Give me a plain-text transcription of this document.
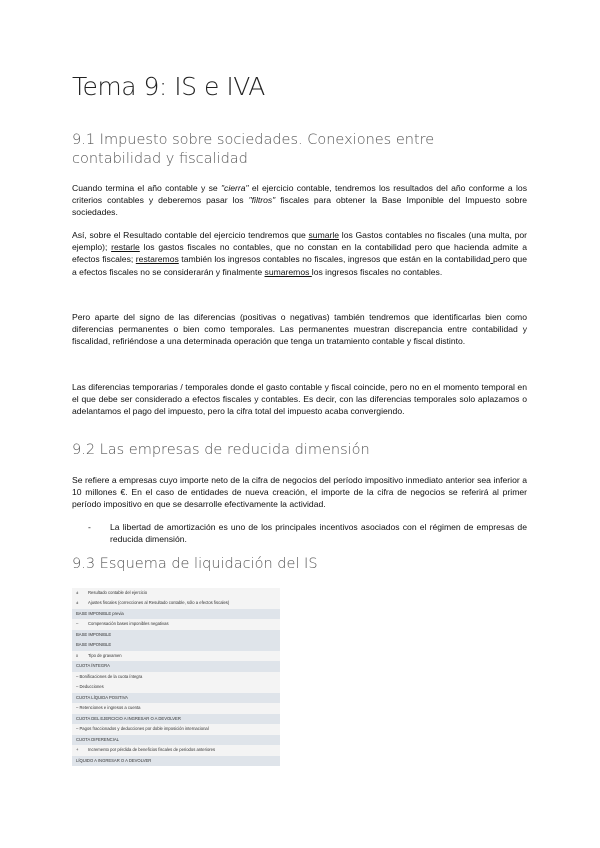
Tema 9: IS e IVA
9.1 Impuesto sobre sociedades. Conexiones entre contabilidad y fiscalidad

Cuando termina el año contable y se "cierra" el ejercicio contable, tendremos los resultados del año conforme a los criterios contables y deberemos pasar los "filtros" fiscales para obtener la Base Imponible del Impuesto sobre sociedades.

Así, sobre el Resultado contable del ejercicio tendremos que sumarle los Gastos contables no fiscales (una multa, por ejemplo); restarle los gastos fiscales no contables, que no constan en la contabilidad pero que hacienda admite a efectos fiscales; restaremos también los ingresos contables no fiscales, ingresos que están en la contabilidad pero que a efectos fiscales no se considerarán y finalmente sumaremos los ingresos fiscales no contables.

Pero aparte del signo de las diferencias (positivas o negativas) también tendremos que identificarlas bien como diferencias permanentes o bien como temporales. Las permanentes muestran discrepancia entre contabilidad y fiscalidad, refiriéndose a una determinada operación que tenga un tratamiento contable y fiscal distinto.

Las diferencias temporarias / temporales donde el gasto contable y fiscal coincide, pero no en el momento temporal en el que debe ser considerado a efectos fiscales y contables. Es decir, con las diferencias temporales solo aplazamos o adelantamos el pago del impuesto, pero la cifra total del impuesto acaba convergiendo.

9.2 Las empresas de reducida dimensión

Se refiere a empresas cuyo importe neto de la cifra de negocios del período impositivo inmediato anterior sea inferior a 10 millones €. En el caso de entidades de nueva creación, el importe de la cifra de negocios se referirá al primer período impositivo en que se desarrolle efectivamente la actividad.

- La libertad de amortización es uno de los principales incentivos asociados con el régimen de empresas de reducida dimensión.
9.3 Esquema de liquidación del IS
± Resultado contable del ejercicio
± Ajustes fiscales (correcciones al Resultado contable, sólo a efectos fiscales)
BASE IMPONIBLE previa
– Compensación bases imponibles negativas
BASE IMPONIBLE
BASE IMPONIBLE
x Tipo de gravamen
CUOTA ÍNTEGRA
– Bonificaciones de la cuota íntegra
– Deducciones
CUOTA LÍQUIDA POSITIVA
– Retenciones e ingresos a cuenta
CUOTA DEL EJERCICIO A INGRESAR O A DEVOLVER
– Pagos fraccionados y deducciones por doble imposición internacional
CUOTA DIFERENCIAL
+ Incremento por pérdida de beneficios fiscales de periodos anteriores
LÍQUIDO A INGRESAR O A DEVOLVER
